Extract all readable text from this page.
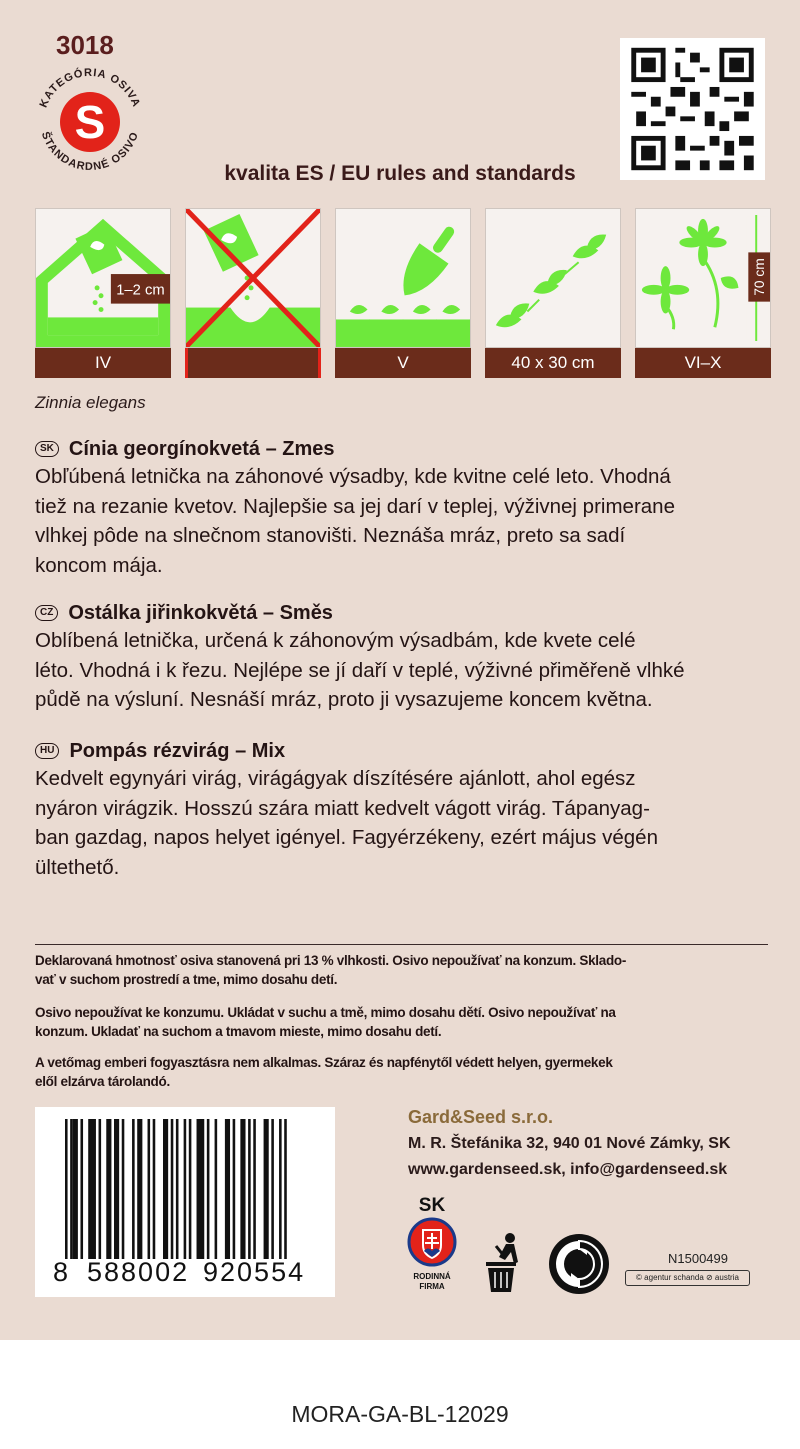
3018
KATEGÓRIA OSIVA
ŠTANDARDNÉ OSIVO
S
kvalita ES / EU rules and standards
1–2 cm
IV	V	40 x 30 cm
70 cm
VI–X
Zinnia elegans
SK Cínia georgínokvetá – Zmes
Obľúbená letnička na záhonové výsadby, kde kvitne celé leto. Vhodná
tiež na rezanie kvetov. Najlepšie sa jej darí v teplej, výživnej primerane
vlhkej pôde na slnečnom stanovišti. Neznáša mráz, preto sa sadí
koncom mája.
CZ Ostálka jiřinkokvětá – Směs
Oblíbená letnička, určená k záhonovým výsadbám, kde kvete celé
léto. Vhodná i k řezu. Nejlépe se jí daří v teplé, výživné přiměřeně vlhké
půdě na výsluní. Nesnáší mráz, proto ji vysazujeme koncem května.
HU Pompás rézvirág – Mix
Kedvelt egynyári virág, virágágyak díszítésére ajánlott, ahol egész
nyáron virágzik. Hosszú szára miatt kedvelt vágott virág. Tápanyag-
ban gazdag, napos helyet igényel. Fagyérzékeny, ezért május végén
ültethető.
Deklarovaná hmotnosť osiva stanovená pri 13 % vlhkosti. Osivo nepoužívať na konzum. Sklado-
vať v suchom prostredí a tme, mimo dosahu detí.
Osivo nepoužívat ke konzumu. Ukládat v suchu a tmě, mimo dosahu dětí. Osivo nepoužívať na
konzum. Ukladať na suchom a tmavom mieste, mimo dosahu detí.
A vetőmag emberi fogyasztásra nem alkalmas. Száraz és napfénytől védett helyen, gyermekek
elől elzárva tárolandó.
8 588002 920554
Gard&Seed s.r.o.
M. R. Štefánika 32, 940 01 Nové Zámky, SK
www.gardenseed.sk, info@gardenseed.sk
SK
RODINNÁ
FIRMA
N1500499
© agentur schanda ⊘ austria
MORA-GA-BL-12029
